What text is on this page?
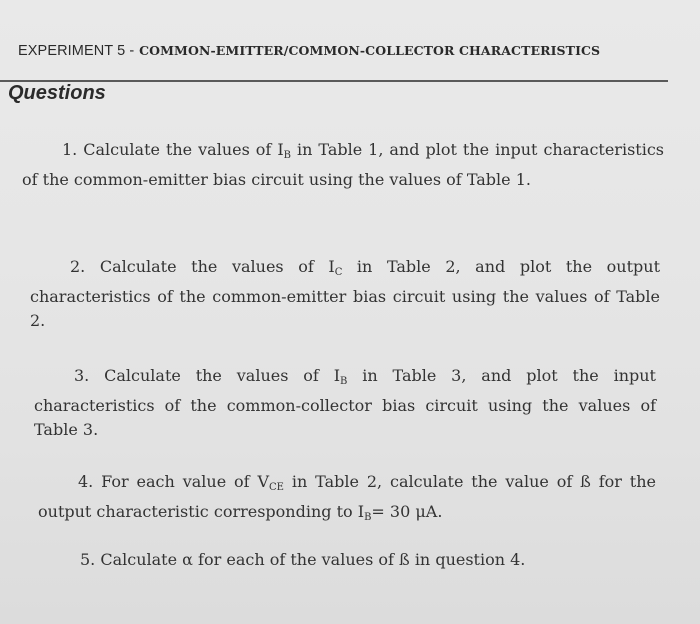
EXPERIMENT 5 - COMMON-EMITTER/COMMON-COLLECTOR CHARACTERISTICS
Questions

1. Calculate the values of $I_B$ in Table 1, and plot the input characteristics of the common-emitter bias circuit using the values of Table 1.

2. Calculate the values of $I_C$ in Table 2, and plot the output characteristics of the common-emitter bias circuit using the values of Table 2.

3. Calculate the values of $I_B$ in Table 3, and plot the input characteristics of the common-collector bias circuit using the values of Table 3.

4. For each value of $V_{CE}$ in Table 2, calculate the value of ß for the output characteristic corresponding to $I_B= 30$ μA.

5. Calculate α for each of the values of ß in question 4.
